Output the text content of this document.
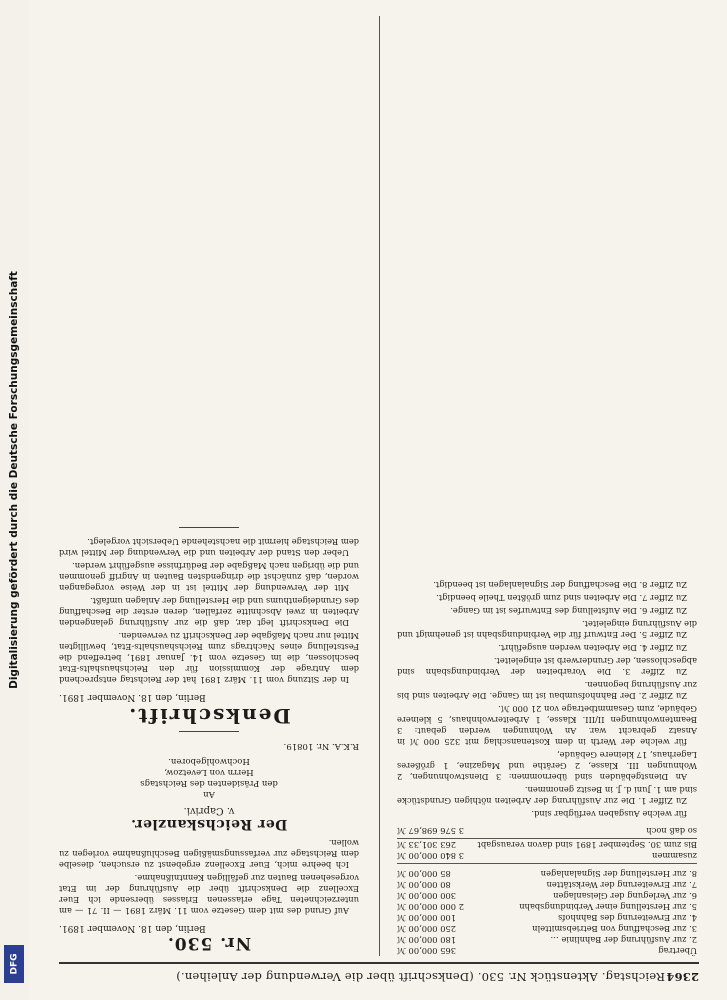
Digitalisierung gefördert durch die Deutsche Forschungsgemeinschaft
DFG
2364
Reichstag. Aktenstück Nr. 530. (Denkschrift über die Verwendung der Anleihen.)
Übertrag
365 000,00 ℳ
2. zur Ausführung der Bahnlinie …
180 000,00 ℳ
3. zur Beschaffung von Betriebsmitteln
250 000,00 ℳ
4. zur Erweiterung des Bahnhofs
100 000,00 ℳ
5. zur Herstellung einer Verbindungsbahn
2 000 000,00 ℳ
6. zur Verlegung der Gleisanlagen
300 000,00 ℳ
7. zur Erweiterung der Werkstätten
80 000,00 ℳ
8. zur Herstellung der Signalanlagen
85 000,00 ℳ
zusammen
3 840 000,00 ℳ
Bis zum 30. September 1891 sind davon verausgabt
263 301,33 ℳ
so daß noch
3 576 698,67 ℳ

für welche Ausgaben verfügbar sind.

Zu Ziffer 1. Die zur Ausführung der Arbeiten nöthigen Grundstücke sind am 1. Juni d. J. in Besitz genommen.

An Dienstgebäuden sind übernommen: 3 Dienstwohnungen, 2 Wohnungen III. Klasse, 2 Geräthe und Magazine, 1 größeres Lagerhaus, 17 kleinere Gebäude,

für welche der Werth in dem Kostenanschlag mit 325 000 ℳ in Ansatz gebracht war. An Wohnungen werden gebaut: 3 Beamtenwohnungen II/III. Klasse, 1 Arbeiterwohnhaus, 5 kleinere Gebäude, zum Gesammtbetrage von 21 000 ℳ.

Zu Ziffer 2. Der Bahnhofsumbau ist im Gange. Die Arbeiten sind bis zur Ausführung begonnen.

Zu Ziffer 3. Die Vorarbeiten der Verbindungsbahn sind abgeschlossen, der Grunderwerb ist eingeleitet.

Zu Ziffer 4. Die Arbeiten werden ausgeführt.

Zu Ziffer 5. Der Entwurf für die Verbindungsbahn ist genehmigt und die Ausführung eingeleitet.

Zu Ziffer 6. Die Aufstellung des Entwurfes ist im Gange.

Zu Ziffer 7. Die Arbeiten sind zum größten Theile beendigt.

Zu Ziffer 8. Die Beschaffung der Signalanlagen ist beendigt.

Nr. 530.
Berlin, den 18. November 1891.

Auf Grund des mit dem Gesetze vom 11. März 1891 — II. 71 — am unterzeichneten Tage erlassenen Erlasses übersende ich Euer Excellenz die Denkschrift über die Ausführung der im Etat vorgesehenen Bauten zur gefälligen Kenntnißnahme.

Ich beehre mich, Euer Excellenz ergebenst zu ersuchen, dieselbe dem Reichstage zur verfassungsmäßigen Beschlußnahme vorlegen zu wollen.

Der Reichskanzler.
v. Caprivi.
An
den Präsidenten des Reichstags
Herrn von Levetzow,
Hochwohlgeboren.
R.K.A. Nr. 10819.
Denkschrift.
Berlin, den 18. November 1891.

In der Sitzung vom 11. März 1891 hat der Reichstag entsprechend dem Antrage der Kommission für den Reichshaushalts-Etat beschlossen, die im Gesetze vom 14. Januar 1891, betreffend die Feststellung eines Nachtrags zum Reichshaushalts-Etat, bewilligten Mittel nur nach Maßgabe der Denkschrift zu verwenden.

Die Denkschrift legt dar, daß die zur Ausführung gelangenden Arbeiten in zwei Abschnitte zerfallen, deren erster die Beschaffung des Grundeigenthums und die Herstellung der Anlagen umfaßt.

Mit der Verwendung der Mittel ist in der Weise vorgegangen worden, daß zunächst die dringendsten Bauten in Angriff genommen und die übrigen nach Maßgabe der Bedürfnisse ausgeführt werden.

Ueber den Stand der Arbeiten und die Verwendung der Mittel wird dem Reichstage hiermit die nachstehende Uebersicht vorgelegt.
